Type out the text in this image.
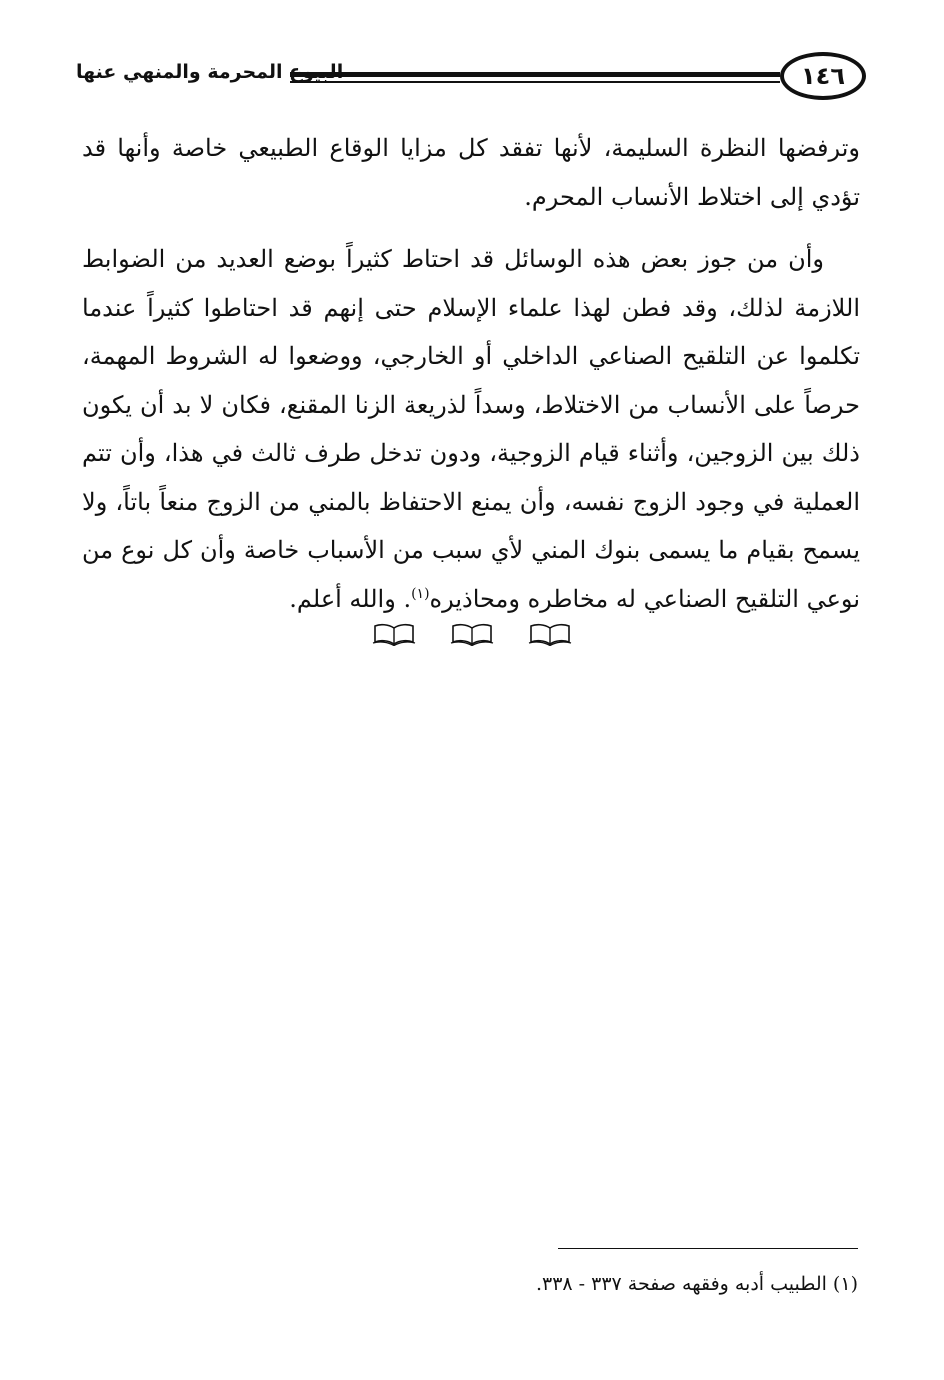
١٤٦
البيوع المحرمة والمنهي عنها

وترفضها النظرة السليمة، لأنها تفقد كل مزايا الوقاع الطبيعي خاصة وأنها قد تؤدي إلى اختلاط الأنساب المحرم.

وأن من جوز بعض هذه الوسائل قد احتاط كثيراً بوضع العديد من الضوابط اللازمة لذلك، وقد فطن لهذا علماء الإسلام حتى إنهم قد احتاطوا كثيراً عندما تكلموا عن التلقيح الصناعي الداخلي أو الخارجي، ووضعوا له الشروط المهمة، حرصاً على الأنساب من الاختلاط، وسداً لذريعة الزنا المقنع، فكان لا بد أن يكون ذلك بين الزوجين، وأثناء قيام الزوجية، ودون تدخل طرف ثالث في هذا، وأن تتم العملية في وجود الزوج نفسه، وأن يمنع الاحتفاظ بالمني من الزوج منعاً باتاً، ولا يسمح بقيام ما يسمى بنوك المني لأي سبب من الأسباب خاصة وأن كل نوع من نوعي التلقيح الصناعي له مخاطره ومحاذيره$^{(١)}$. والله أعلم.

(١) الطبيب أدبه وفقهه صفحة ٣٣٧ - ٣٣٨.
